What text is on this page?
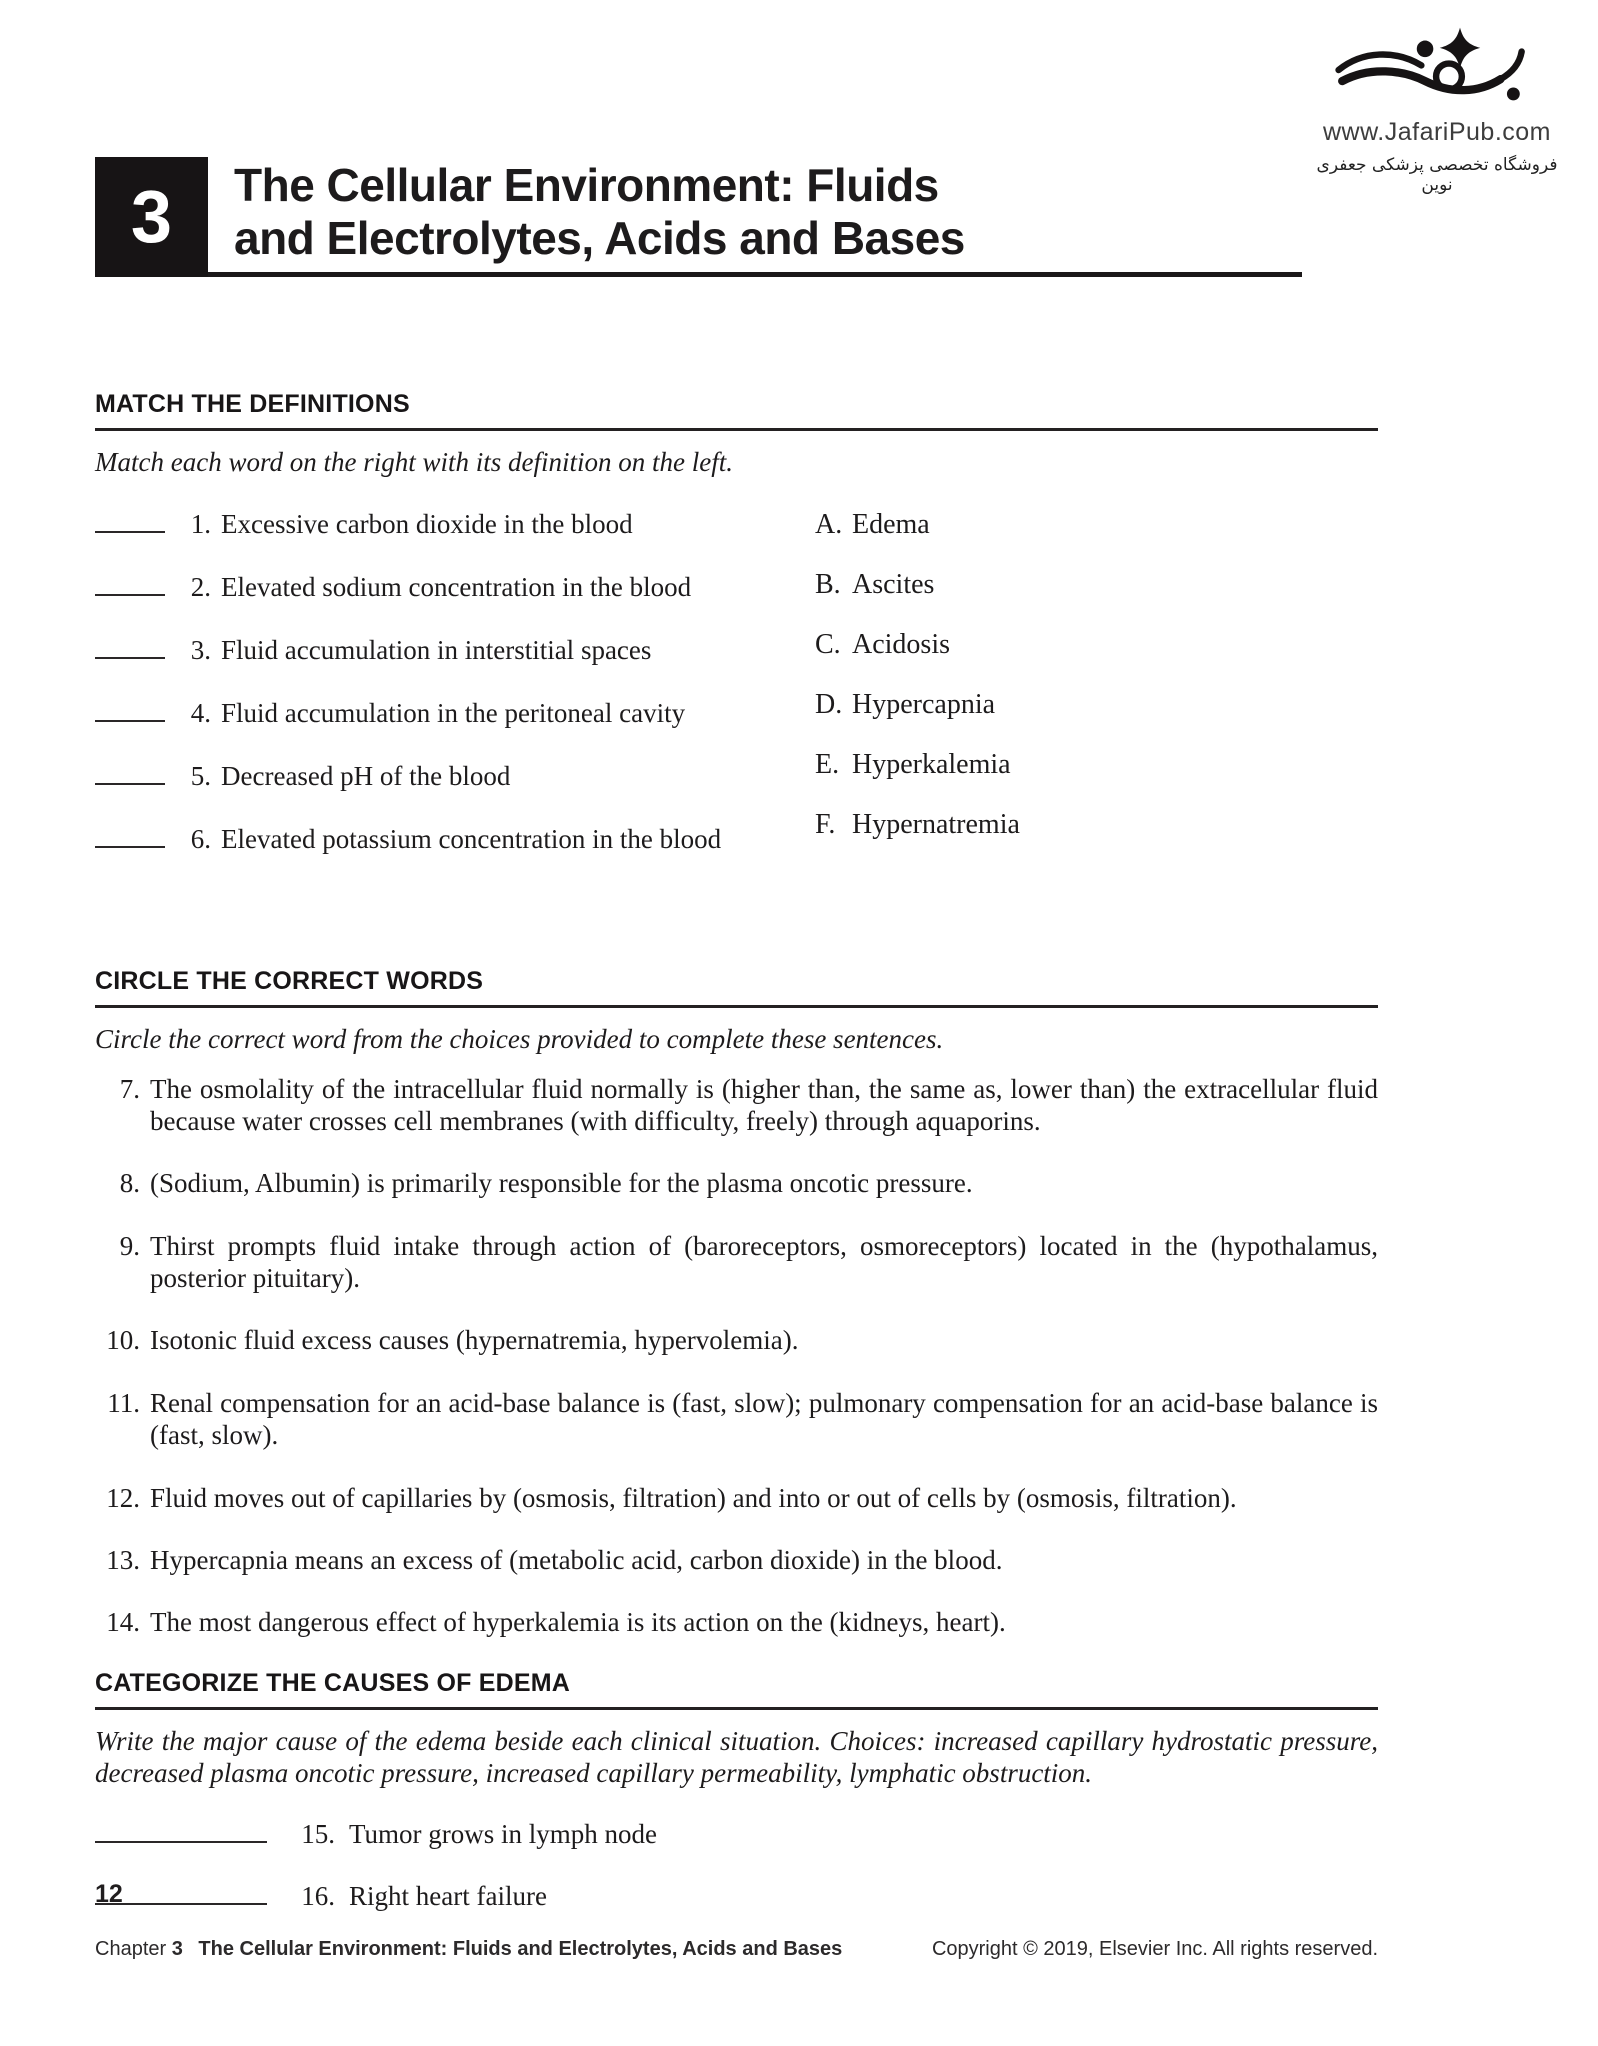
www.JafariPub.com
فروشگاه تخصصی پزشکی جعفری نوین
3	The Cellular Environment: Fluids
and Electrolytes, Acids and Bases
MATCH THE DEFINITIONS

Match each word on the right with its definition on the left.

1. Excessive carbon dioxide in the blood
2. Elevated sodium concentration in the blood
3. Fluid accumulation in interstitial spaces
4. Fluid accumulation in the peritoneal cavity
5. Decreased pH of the blood
6. Elevated potassium concentration in the blood
A. Edema
B. Ascites
C. Acidosis
D. Hypercapnia
E. Hyperkalemia
F. Hypernatremia
CIRCLE THE CORRECT WORDS

Circle the correct word from the choices provided to complete these sentences.

7. The osmolality of the intracellular fluid normally is (higher than, the same as, lower than) the extracellular fluid because water crosses cell membranes (with difficulty, freely) through aquaporins.
8. (Sodium, Albumin) is primarily responsible for the plasma oncotic pressure.
9. Thirst prompts fluid intake through action of (baroreceptors, osmoreceptors) located in the (hypothalamus, posterior pituitary).
10. Isotonic fluid excess causes (hypernatremia, hypervolemia).
11. Renal compensation for an acid-base balance is (fast, slow); pulmonary compensation for an acid-base balance is (fast, slow).
12. Fluid moves out of capillaries by (osmosis, filtration) and into or out of cells by (osmosis, filtration).
13. Hypercapnia means an excess of (metabolic acid, carbon dioxide) in the blood.
14. The most dangerous effect of hyperkalemia is its action on the (kidneys, heart).
CATEGORIZE THE CAUSES OF EDEMA

Write the major cause of the edema beside each clinical situation. Choices: increased capillary hydrostatic pressure, decreased plasma oncotic pressure, increased capillary permeability, lymphatic obstruction.

15. Tumor grows in lymph node
16. Right heart failure
12
Chapter 3 The Cellular Environment: Fluids and Electrolytes, Acids and Bases	Copyright © 2019, Elsevier Inc. All rights reserved.
